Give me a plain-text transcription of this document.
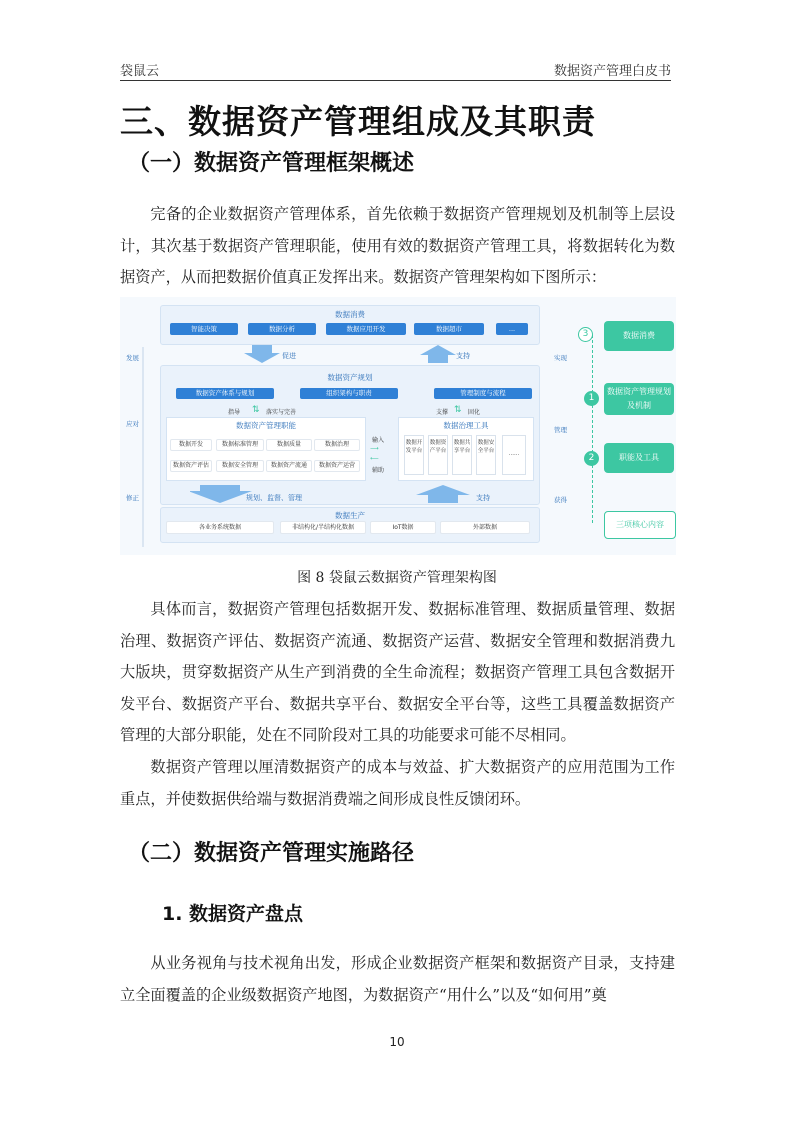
袋鼠云	数据资产管理白皮书
三、数据资产管理组成及其职责
（一）数据资产管理框架概述
完备的企业数据资产管理体系，首先依赖于数据资产管理规划及机制等上层设计，其次基于数据资产管理职能，使用有效的数据资产管理工具，将数据转化为数据资产，从而把数据价值真正发挥出来。数据资产管理架构如下图所示：
数据消费
智能决策	数据分析	数据应用开发	数据超市	...
发展
应对
修正
促进	支持
数据资产规划
数据资产体系与规划	组织架构与职责	管理制度与流程
指导 ⇅ 落实与完善	支撑 ⇅ 固化
数据资产管理职能
数据开发	数据标准管理	数据质量	数据治理
数据资产评估	数据安全管理	数据资产流通	数据资产运营
输入
⟶
⟵
辅助
数据治理工具
数据开发平台
数据资产平台
数据共享平台
数据安全平台	......
规划、监督、管理	支持
数据生产
各业务系统数据	非结构化/半结构化数据	IoT数据	外部数据
实现
管理
获得
3	数据消费
1
数据资产管理规划及机制
2	职能及工具
三项核心内容
图 8 袋鼠云数据资产管理架构图
具体而言，数据资产管理包括数据开发、数据标准管理、数据质量管理、数据治理、数据资产评估、数据资产流通、数据资产运营、数据安全管理和数据消费九大版块，贯穿数据资产从生产到消费的全生命流程；数据资产管理工具包含数据开发平台、数据资产平台、数据共享平台、数据安全平台等，这些工具覆盖数据资产管理的大部分职能，处在不同阶段对工具的功能要求可能不尽相同。
数据资产管理以厘清数据资产的成本与效益、扩大数据资产的应用范围为工作重点，并使数据供给端与数据消费端之间形成良性反馈闭环。
（二）数据资产管理实施路径
1. 数据资产盘点
从业务视角与技术视角出发，形成企业数据资产框架和数据资产目录，支持建立全面覆盖的企业级数据资产地图，为数据资产“用什么”以及“如何用”奠
10
